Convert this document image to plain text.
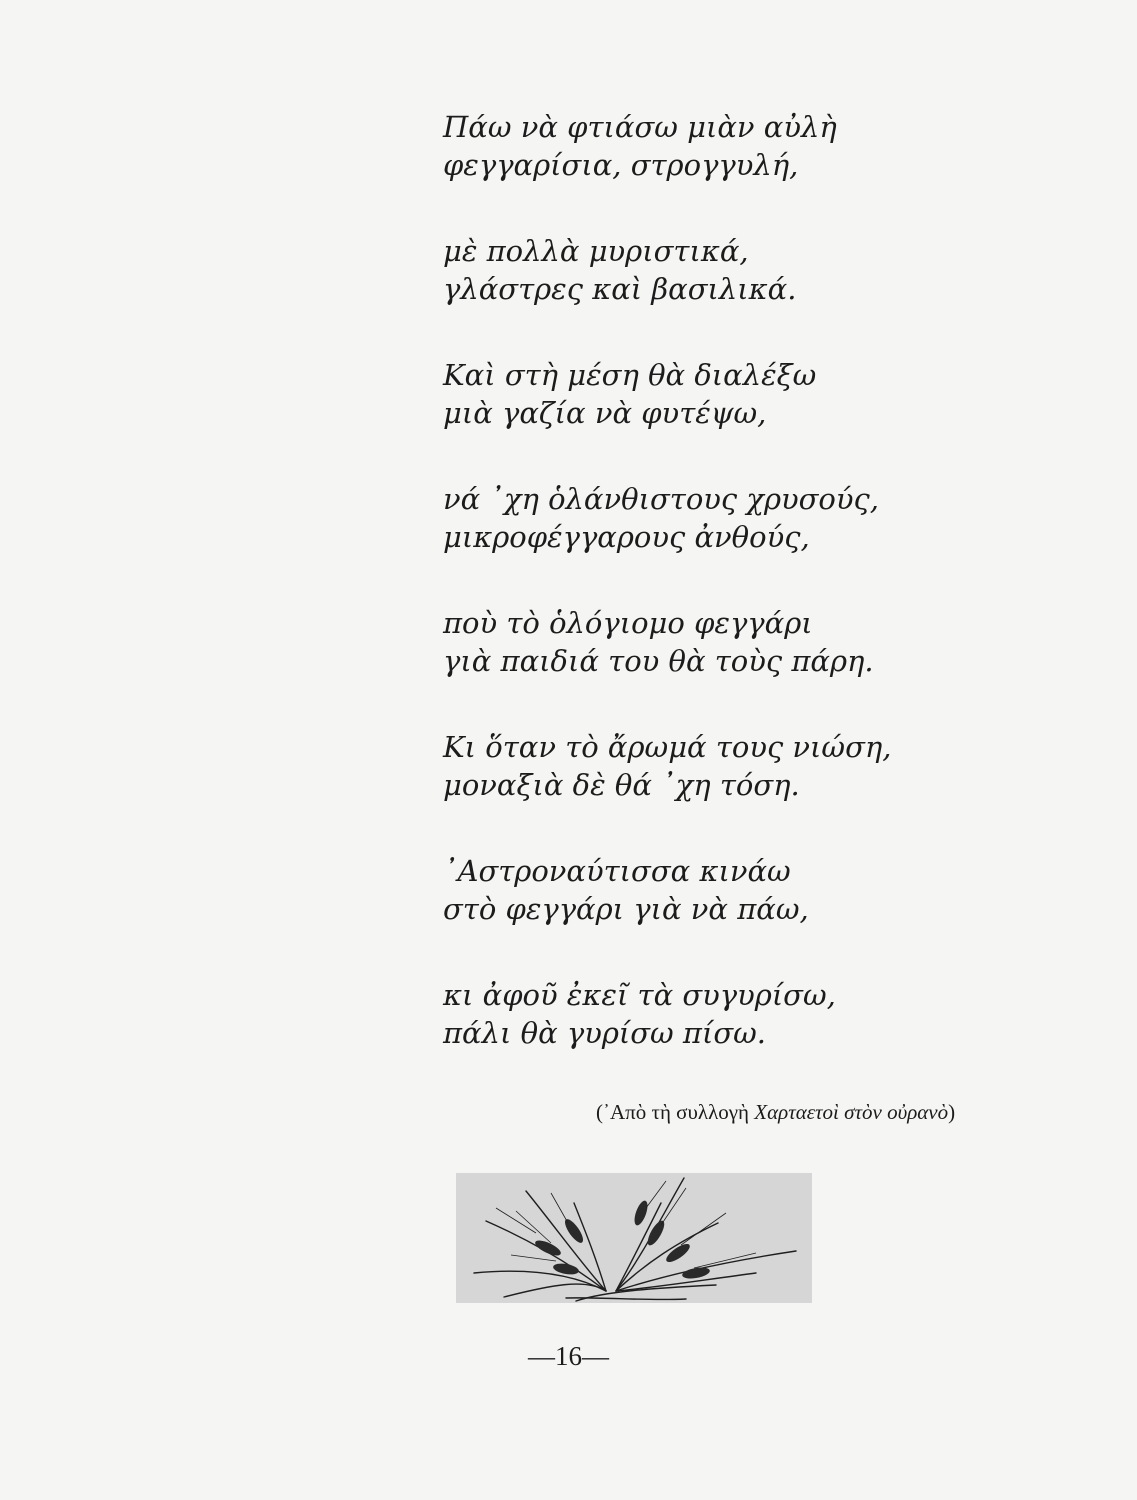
Πάω νὰ φτιάσω μιὰν αὐλὴ
φεγγαρίσια, στρογγυλή,
μὲ πολλὰ μυριστικά,
γλάστρες καὶ βασιλικά.
Καὶ στὴ μέση θὰ διαλέξω
μιὰ γαζία νὰ φυτέψω,
νά ᾽χη ὁλάνθιστους χρυσούς,
μικροφέγγαρους ἀνθούς,
ποὺ τὸ ὁλόγιομο φεγγάρι
γιὰ παιδιά του θὰ τοὺς πάρη.
Κι ὅταν τὸ ἄρωμά τους νιώση,
μοναξιὰ δὲ θά ᾽χη τόση.
᾽Αστροναύτισσα κινάω
στὸ φεγγάρι γιὰ νὰ πάω,
κι ἀφοῦ ἐκεῖ τὰ συγυρίσω,
πάλι θὰ γυρίσω πίσω.
(᾽Απὸ τὴ συλλογὴ Χαρταετοὶ στὸν οὐρανὸ)
—16—
